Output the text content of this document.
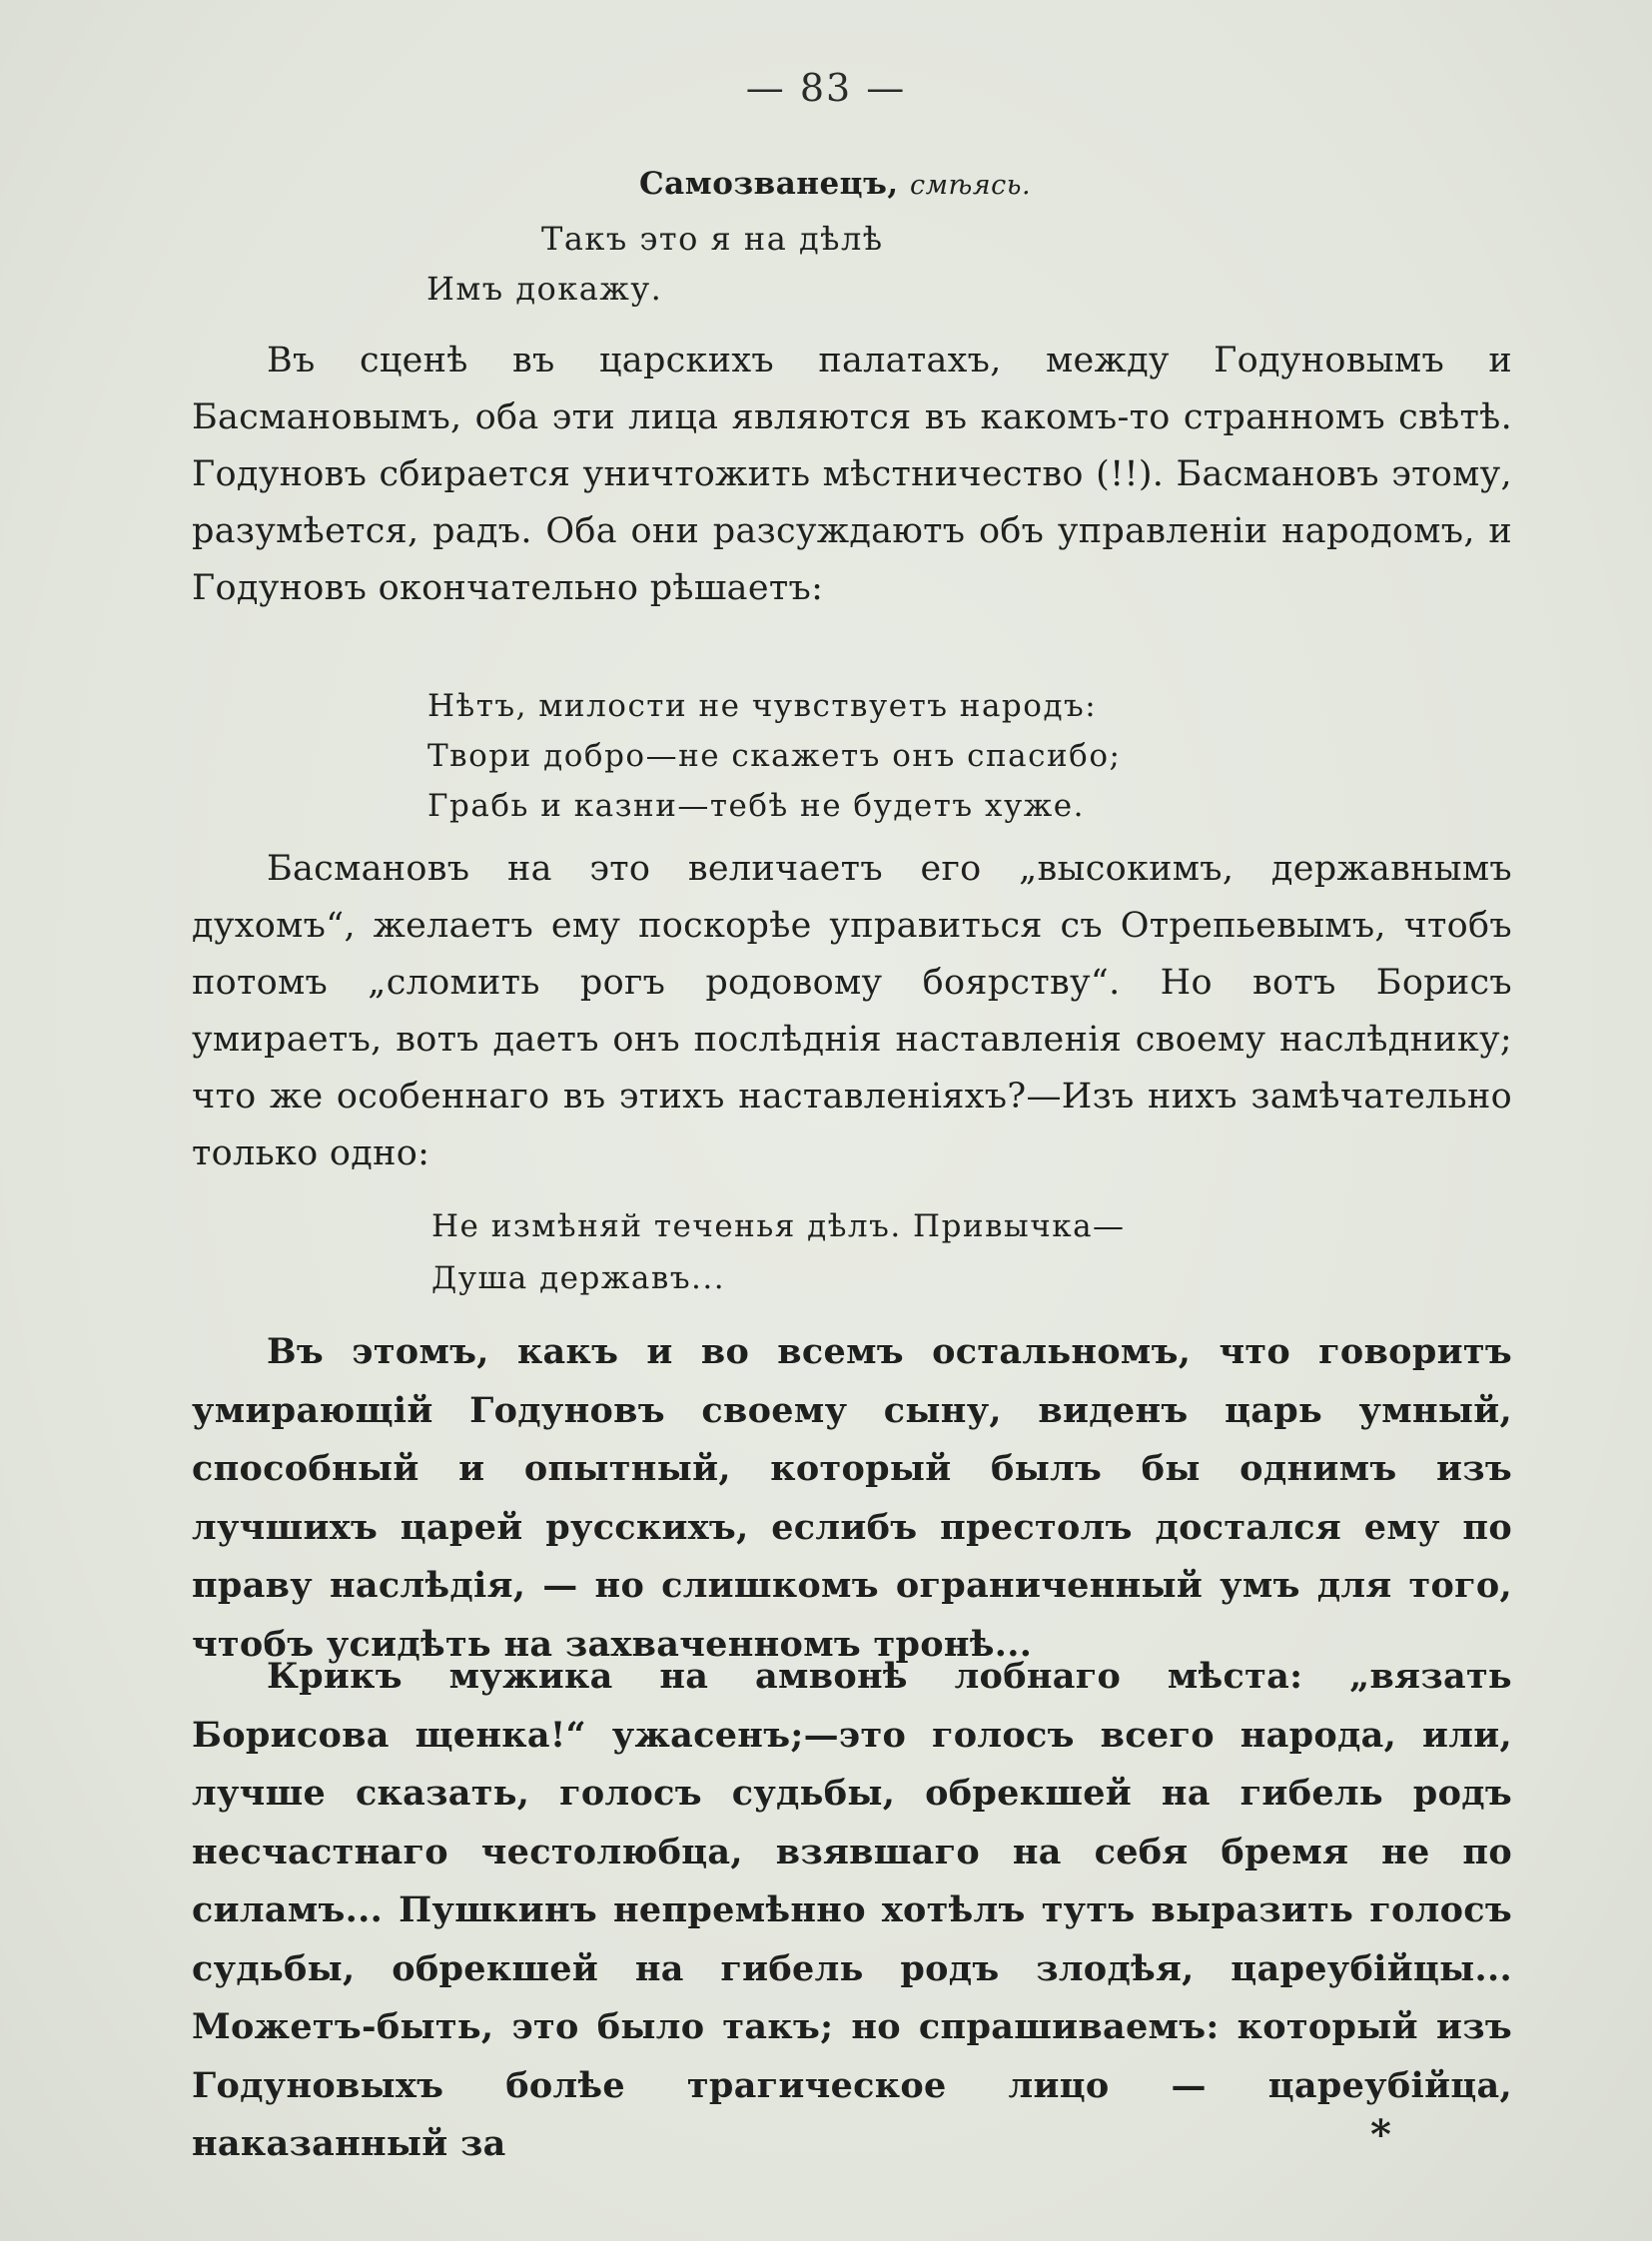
— 83 —
Самозванецъ, смѣясь.
Такъ это я на дѣлѣ
Имъ докажу.

Въ сценѣ въ царскихъ палатахъ, между Годуновымъ и Басмановымъ, оба эти лица являются въ какомъ-то странномъ свѣтѣ. Годуновъ сбирается уничтожить мѣстничество (!!). Басмановъ этому, разумѣется, радъ. Оба они разсуждаютъ объ управленіи народомъ, и Годуновъ окончательно рѣшаетъ:

Нѣтъ, милости не чувствуетъ народъ:
Твори добро—не скажетъ онъ спасибо;
Грабь и казни—тебѣ не будетъ хуже.

Басмановъ на это величаетъ его „высокимъ, державнымъ духомъ“, желаетъ ему поскорѣе управиться съ Отрепьевымъ, чтобъ потомъ „сломить рогъ родовому боярству“. Но вотъ Борисъ умираетъ, вотъ даетъ онъ послѣднія наставленія своему наслѣднику; что же особеннаго въ этихъ наставленіяхъ?—Изъ нихъ замѣчательно только одно:

Не измѣняй теченья дѣлъ. Привычка—
Душа державъ...

Въ этомъ, какъ и во всемъ остальномъ, что говоритъ умирающій Годуновъ своему сыну, виденъ царь умный, способный и опытный, который былъ бы однимъ изъ лучшихъ царей русскихъ, еслибъ престолъ достался ему по праву наслѣдія, — но слишкомъ ограниченный умъ для того, чтобъ усидѣть на захваченномъ тронѣ...

Крикъ мужика на амвонѣ лобнаго мѣста: „вязать Борисова щенка!“ ужасенъ;—это голосъ всего народа, или, лучше сказать, голосъ судьбы, обрекшей на гибель родъ несчастнаго честолюбца, взявшаго на себя бремя не по силамъ... Пушкинъ непремѣнно хотѣлъ тутъ выразить голосъ судьбы, обрекшей на гибель родъ злодѣя, цареубійцы... Можетъ-быть, это было такъ; но спрашиваемъ: который изъ Годуновыхъ болѣе трагическое лицо — цареубійца, наказанный за	*
